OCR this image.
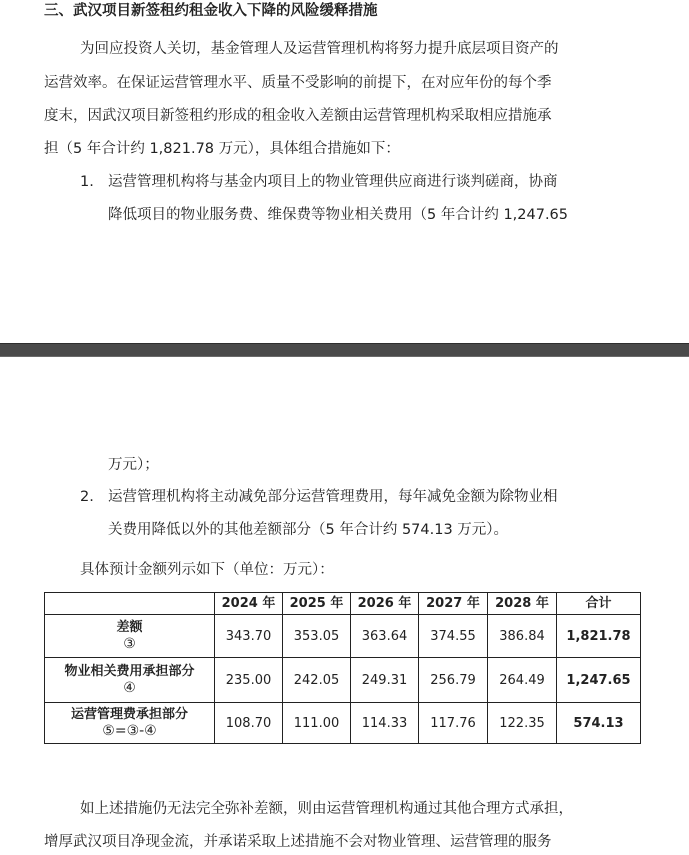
三、武汉项目新签租约租金收入下降的风险缓释措施
为回应投资人关切，基金管理人及运营管理机构将努力提升底层项目资产的
运营效率。在保证运营管理水平、质量不受影响的前提下，在对应年份的每个季
度末，因武汉项目新签租约形成的租金收入差额由运营管理机构采取相应措施承
担（5 年合计约 1,821.78 万元），具体组合措施如下：
1. 运营管理机构将与基金内项目上的物业管理供应商进行谈判磋商，协商
降低项目的物业服务费、维保费等物业相关费用（5 年合计约 1,247.65
万元）；
2. 运营管理机构将主动减免部分运营管理费用，每年减免金额为除物业相
关费用降低以外的其他差额部分（5 年合计约 574.13 万元）。
具体预计金额列示如下（单位：万元）：
	2024 年	2025 年	2026 年	2027 年	2028 年	合计
差额
③	343.70	353.05	363.64	374.55	386.84	1,821.78
物业相关费用承担部分
④	235.00	242.05	249.31	256.79	264.49	1,247.65
运营管理费承担部分
⑤=③-④	108.70	111.00	114.33	117.76	122.35	574.13
如上述措施仍无法完全弥补差额，则由运营管理机构通过其他合理方式承担，
增厚武汉项目净现金流，并承诺采取上述措施不会对物业管理、运营管理的服务
